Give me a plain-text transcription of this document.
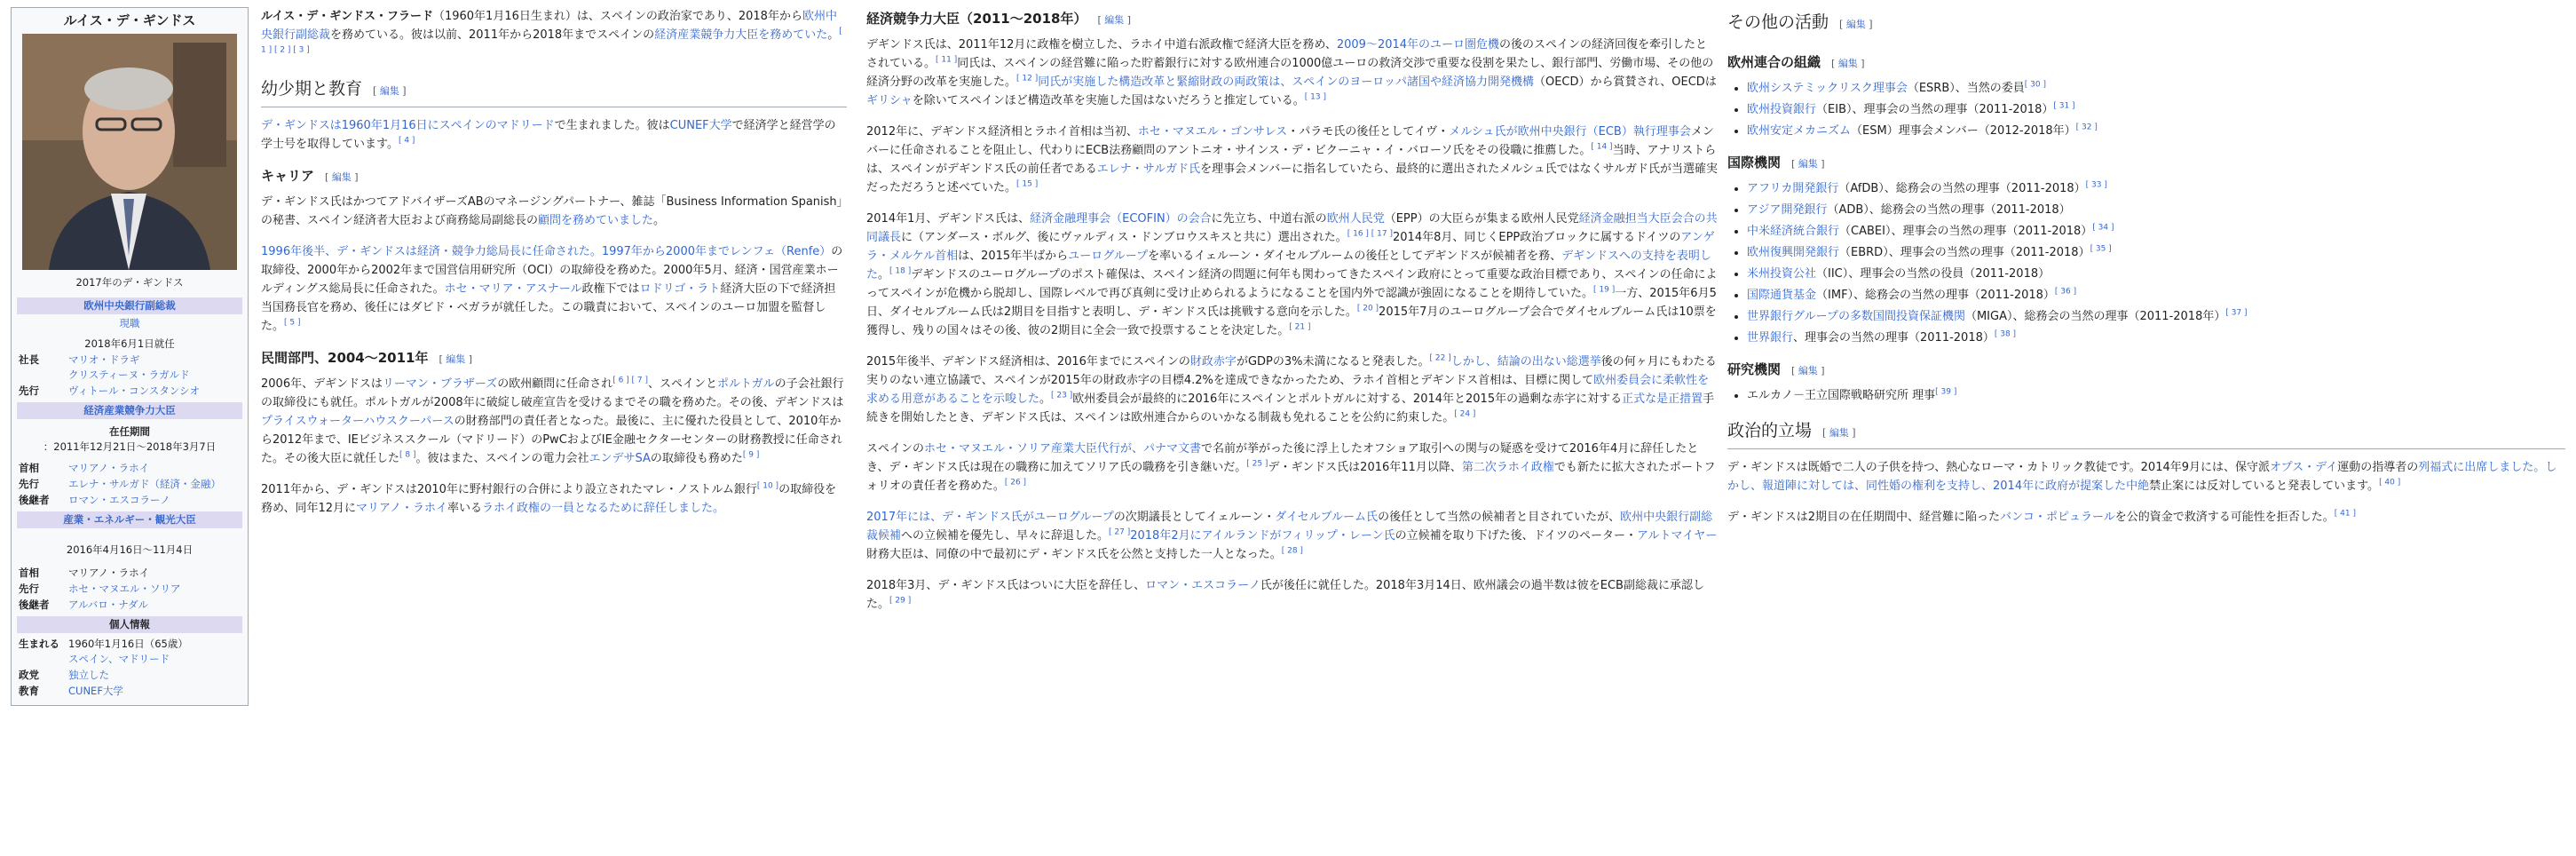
ルイス・デ・ギンドス
2017年のデ・ギンドス
欧州中央銀行副総裁
現職
2018年6月1日就任
社長	マリオ・ドラギ
クリスティーヌ・ラガルド
先行	ヴィトール・コンスタンシオ
経済産業競争力大臣
在任期間
：2011年12月21日〜2018年3月7日
首相	マリアノ・ラホイ
先行	エレナ・サルガド（経済・金融）
後継者	ロマン・エスコラーノ
産業・エネルギー・観光大臣
2016年4月16日〜11月4日
首相	マリアノ・ラホイ
先行	ホセ・マヌエル・ソリア
後継者	アルバロ・ナダル
個人情報
生まれる 1960年1月16日（65歳）
スペイン、マドリード
政党	独立した
教育	CUNEF大学

ルイス・デ・ギンドス・フラード（1960年1月16日生まれ）は、スペインの政治家であり、2018年から欧州中央銀行副総裁を務めている。彼は以前、2011年から2018年までスペインの経済産業競争力大臣を務めていた。[ 1 ] [ 2 ] [ 3 ]

幼少期と教育 [ 編集 ]

デ・ギンドスは1960年1月16日にスペインのマドリードで生まれました。彼はCUNEF大学で経済学と経営学の学士号を取得しています。[ 4 ]

キャリア [ 編集 ]

デ・ギンドス氏はかつてアドバイザーズABのマネージングパートナー、雑誌「Business Information Spanish」の秘書、スペイン経済者大臣および商務総局副総長の顧問を務めていました。

1996年後半、デ・ギンドスは経済・競争力総局長に任命された。1997年から2000年までレンフェ（Renfe）の取締役、2000年から2002年まで国営信用研究所（OCI）の取締役を務めた。2000年5月、経済・国営産業ホールディングス総局長に任命された。ホセ・マリア・アスナール政権下ではロドリゴ・ラト経済大臣の下で経済担当国務長官を務め、後任にはダビド・ベガラが就任した。この職責において、スペインのユーロ加盟を監督した。[ 5 ]

民間部門、2004〜2011年 [ 編集 ]

2006年、デギンドスはリーマン・ブラザーズの欧州顧問に任命され[ 6 ] [ 7 ]、スペインとポルトガルの子会社銀行の取締役にも就任。ポルトガルが2008年に破綻し破産宣告を受けるまでその職を務めた。その後、デギンドスはプライスウォーターハウスクーパースの財務部門の責任者となった。最後に、主に優れた役員として、2010年から2012年まで、IEビジネススクール（マドリード）のPwCおよびIE金融セクターセンターの財務教授に任命された。その後大臣に就任した[ 8 ]。彼はまた、スペインの電力会社エンデサSAの取締役も務めた[ 9 ]

2011年から、デ・ギンドスは2010年に野村銀行の合併により設立されたマレ・ノストルム銀行[ 10 ]の取締役を務め、同年12月にマリアノ・ラホイ率いるラホイ政権の一員となるために辞任しました。

経済競争力大臣（2011〜2018年） [ 編集 ]

デギンドス氏は、2011年12月に政権を樹立した、ラホイ中道右派政権で経済大臣を務め、2009〜2014年のユーロ圏危機の後のスペインの経済回復を牽引したとされている。[ 11 ]同氏は、スペインの経営難に陥った貯蓄銀行に対する欧州連合の1000億ユーロの救済交渉で重要な役割を果たし、銀行部門、労働市場、その他の経済分野の改革を実施した。[ 12 ]同氏が実施した構造改革と緊縮財政の両政策は、スペインのヨーロッパ諸国や経済協力開発機構（OECD）から賞賛され、OECDはギリシャを除いてスペインほど構造改革を実施した国はないだろうと推定している。[ 13 ]

2012年に、デギンドス経済相とラホイ首相は当初、ホセ・マヌエル・ゴンサレス・パラモ氏の後任としてイヴ・メルシュ氏が欧州中央銀行（ECB）執行理事会メンバーに任命されることを阻止し、代わりにECB法務顧問のアントニオ・サインス・デ・ビクーニャ・イ・バローソ氏をその役職に推薦した。[ 14 ]当時、アナリストらは、スペインがデギンドス氏の前任者であるエレナ・サルガド氏を理事会メンバーに指名していたら、最終的に選出されたメルシュ氏ではなくサルガド氏が当選確実だっただろうと述べていた。[ 15 ]

2014年1月、デギンドス氏は、経済金融理事会（ECOFIN）の会合に先立ち、中道右派の欧州人民党（EPP）の大臣らが集まる欧州人民党経済金融担当大臣会合の共同議長に（アンダース・ボルグ、後にヴァルディス・ドンブロウスキスと共に）選出された。[ 16 ] [ 17 ]2014年8月、同じくEPP政治ブロックに属するドイツのアンゲラ・メルケル首相は、2015年半ばからユーログループを率いるイェルーン・ダイセルブルームの後任としてデギンドスが候補者を務、デギンドスへの支持を表明した。[ 18 ]デギンドスのユーログループのポスト確保は、スペイン経済の問題に何年も関わってきたスペイン政府にとって重要な政治目標であり、スペインの任命によってスペインが危機から脱却し、国際レベルで再び真剣に受け止められるようになることを国内外で認識が強固になることを期待していた。[ 19 ]一方、2015年6月5日、ダイセルブルーム氏は2期目を目指すと表明し、デ・ギンドス氏は挑戦する意向を示した。[ 20 ]2015年7月のユーログループ会合でダイセルブルーム氏は10票を獲得し、残りの国々はその後、彼の2期目に全会一致で投票することを決定した。[ 21 ]

2015年後半、デギンドス経済相は、2016年までにスペインの財政赤字がGDPの3%未満になると発表した。[ 22 ]しかし、結論の出ない総選挙後の何ヶ月にもわたる実りのない連立協議で、スペインが2015年の財政赤字の目標4.2%を達成できなかったため、ラホイ首相とデギンドス首相は、目標に関して欧州委員会に柔軟性を求める用意があることを示唆した。[ 23 ]欧州委員会が最終的に2016年にスペインとポルトガルに対する、2014年と2015年の過剰な赤字に対する正式な是正措置手続きを開始したとき、デギンドス氏は、スペインは欧州連合からのいかなる制裁も免れることを公約に約束した。[ 24 ]

スペインのホセ・マヌエル・ソリア産業大臣代行が、パナマ文書で名前が挙がった後に浮上したオフショア取引への関与の疑惑を受けて2016年4月に辞任したとき、デ・ギンドス氏は現在の職務に加えてソリア氏の職務を引き継いだ。[ 25 ]デ・ギンドス氏は2016年11月以降、第二次ラホイ政権でも新たに拡大されたポートフォリオの責任者を務めた。[ 26 ]

2017年には、デ・ギンドス氏がユーログループの次期議長としてイェルーン・ダイセルブルーム氏の後任として当然の候補者と目されていたが、欧州中央銀行副総裁候補への立候補を優先し、早々に辞退した。[ 27 ]2018年2月にアイルランドがフィリップ・レーン氏の立候補を取り下げた後、ドイツのペーター・アルトマイヤー財務大臣は、同僚の中で最初にデ・ギンドス氏を公然と支持した一人となった。[ 28 ]

2018年3月、デ・ギンドス氏はついに大臣を辞任し、ロマン・エスコラーノ氏が後任に就任した。2018年3月14日、欧州議会の過半数は彼をECB副総裁に承認した。[ 29 ]

その他の活動 [ 編集 ]
欧州連合の組織 [ 編集 ]
• 欧州システミックリスク理事会（ESRB）、当然の委員[ 30 ]
• 欧州投資銀行（EIB）、理事会の当然の理事（2011-2018）[ 31 ]
• 欧州安定メカニズム（ESM）理事会メンバー（2012-2018年）[ 32 ]
国際機関 [ 編集 ]
• アフリカ開発銀行（AfDB）、総務会の当然の理事（2011-2018）[ 33 ]
• アジア開発銀行（ADB）、総務会の当然の理事（2011-2018）
• 中米経済統合銀行（CABEI）、理事会の当然の理事（2011-2018）[ 34 ]
• 欧州復興開発銀行（EBRD）、理事会の当然の理事（2011-2018）[ 35 ]
• 米州投資公社（IIC）、理事会の当然の役員（2011-2018）
• 国際通貨基金（IMF）、総務会の当然の理事（2011-2018）[ 36 ]
• 世界銀行グループの多数国間投資保証機関（MIGA）、総務会の当然の理事（2011-2018年）[ 37 ]
• 世界銀行、理事会の当然の理事（2011-2018）[ 38 ]
研究機関 [ 編集 ]
• エルカノ－王立国際戦略研究所 理事[ 39 ]
政治的立場 [ 編集 ]

デ・ギンドスは既婚で二人の子供を持つ、熱心なローマ・カトリック教徒です。2014年9月には、保守派オプス・デイ運動の指導者の列福式に出席しました。しかし、報道陣に対しては、同性婚の権利を支持し、2014年に政府が提案した中絶禁止案には反対していると発表しています。[ 40 ]

デ・ギンドスは2期目の在任期間中、経営難に陥ったバンコ・ポピュラールを公的資金で救済する可能性を拒否した。[ 41 ]
